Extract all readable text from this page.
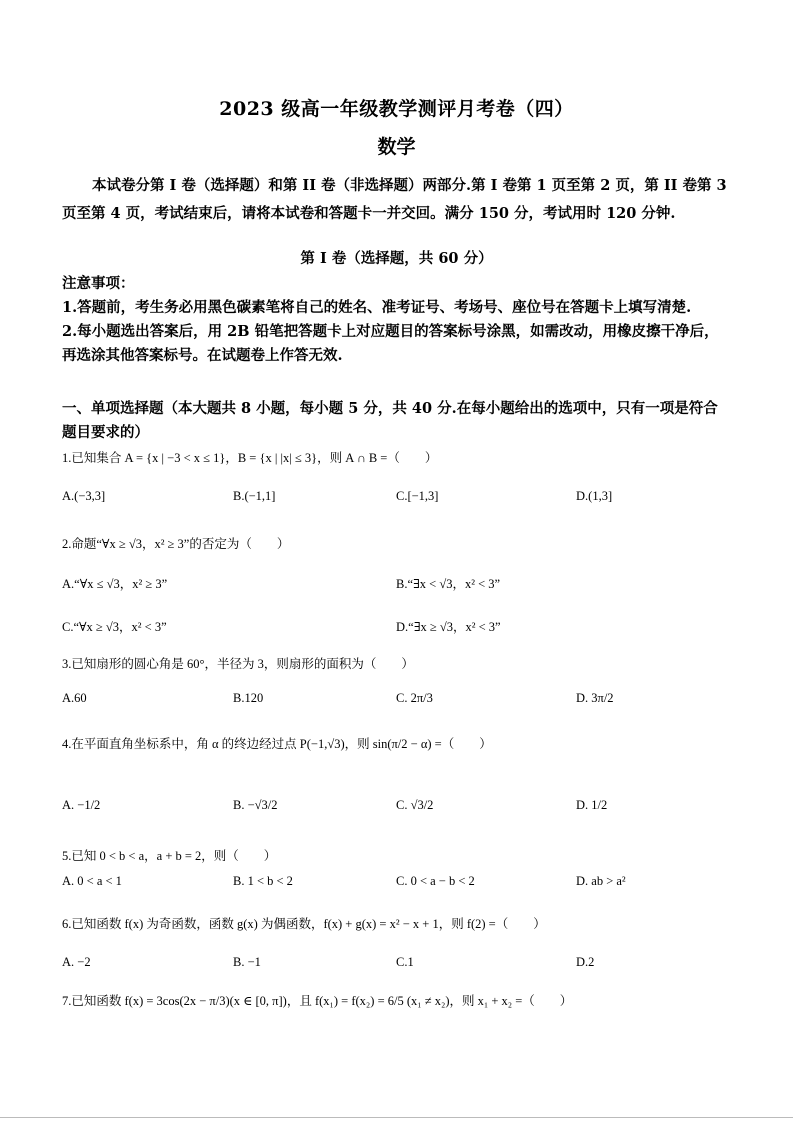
2023 级高一年级教学测评月考卷（四）
数学
本试卷分第 I 卷（选择题）和第 II 卷（非选择题）两部分.第 I 卷第 1 页至第 2 页，第 II 卷第 3 页至第 4 页，考试结束后，请将本试卷和答题卡一并交回。满分 150 分，考试用时 120 分钟.
第 I 卷（选择题，共 60 分）

注意事项：

1.答题前，考生务必用黑色碳素笔将自己的姓名、准考证号、考场号、座位号在答题卡上填写清楚.

2.每小题选出答案后，用 2B 铅笔把答题卡上对应题目的答案标号涂黑，如需改动，用橡皮擦干净后，再选涂其他答案标号。在试题卷上作答无效.

一、单项选择题（本大题共 8 小题，每小题 5 分，共 40 分.在每小题给出的选项中，只有一项是符合题目要求的）
1.已知集合 A = {x | −3 < x ≤ 1}，B = {x | |x| ≤ 3}，则 A ∩ B =（　　）
A.(−3,3]	B.(−1,1]	C.[−1,3]	D.(1,3]
2.命题“∀x ≥ √3，x² ≥ 3”的否定为（　　）
A.“∀x ≤ √3，x² ≥ 3”	B.“∃x < √3，x² < 3”
C.“∀x ≥ √3，x² < 3”	D.“∃x ≥ √3，x² < 3”
3.已知扇形的圆心角是 60°，半径为 3，则扇形的面积为（　　）
A.60	B.120	C. 2π/3	D. 3π/2
4.在平面直角坐标系中，角 α 的终边经过点 P(−1,√3)，则 sin(π/2 − α) =（　　）
A. −1/2	B. −√3/2	C. √3/2	D. 1/2
5.已知 0 < b < a，a + b = 2，则（　　）
A. 0 < a < 1	B. 1 < b < 2	C. 0 < a − b < 2	D. ab > a²
6.已知函数 f(x) 为奇函数，函数 g(x) 为偶函数，f(x) + g(x) = x² − x + 1，则 f(2) =（　　）
A. −2	B. −1	C.1	D.2
7.已知函数 f(x) = 3cos(2x − π/3)(x ∈ [0, π])，且 f(x₁) = f(x₂) = 6/5 (x₁ ≠ x₂)，则 x₁ + x₂ =（　　）
